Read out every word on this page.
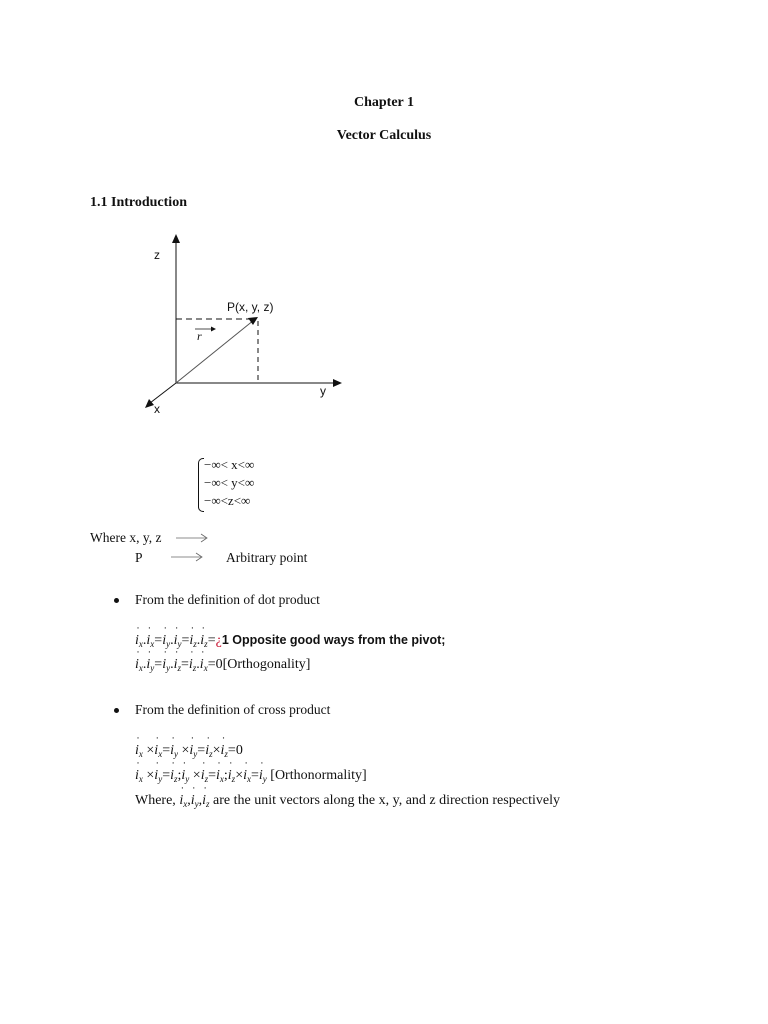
Chapter 1
Vector Calculus
1.1 Introduction
z
y
x
P(x, y, z)
r
−∞< x<∞
−∞< y<∞
−∞<z<∞
Where x, y, z
P	Arbitrary point
From the definition of dot product
˙ $i_x.˙$ $i_x=˙$ $i_y.˙$ $i_y=˙$ $i_z.˙$ $i_z=¿1$ Opposite good ways from the pivot;
˙ $i_x.˙$ $i_y=˙$ $i_y.˙$ $i_z=˙$ $i_z.˙$ $i_x=0[Orthogonality]$
From the definition of cross product
˙ $i_x$ ×˙ $i_x=˙$ $i_y$ ×˙ $i_y=˙$ $i_z\times˙$ $i_z=0$
˙ $i_x$ ×˙ $i_y=˙$ $i_z;˙$ $i_y$ ×˙ $i_z=˙$ $i_x;˙$ $i_z\times˙$ $i_x=˙$ $i_y$ [Orthonormality]
Where, ˙ $i_x,˙$ $i_y,˙$ $i_z$ are the unit vectors along the x, y, and z direction respectively
